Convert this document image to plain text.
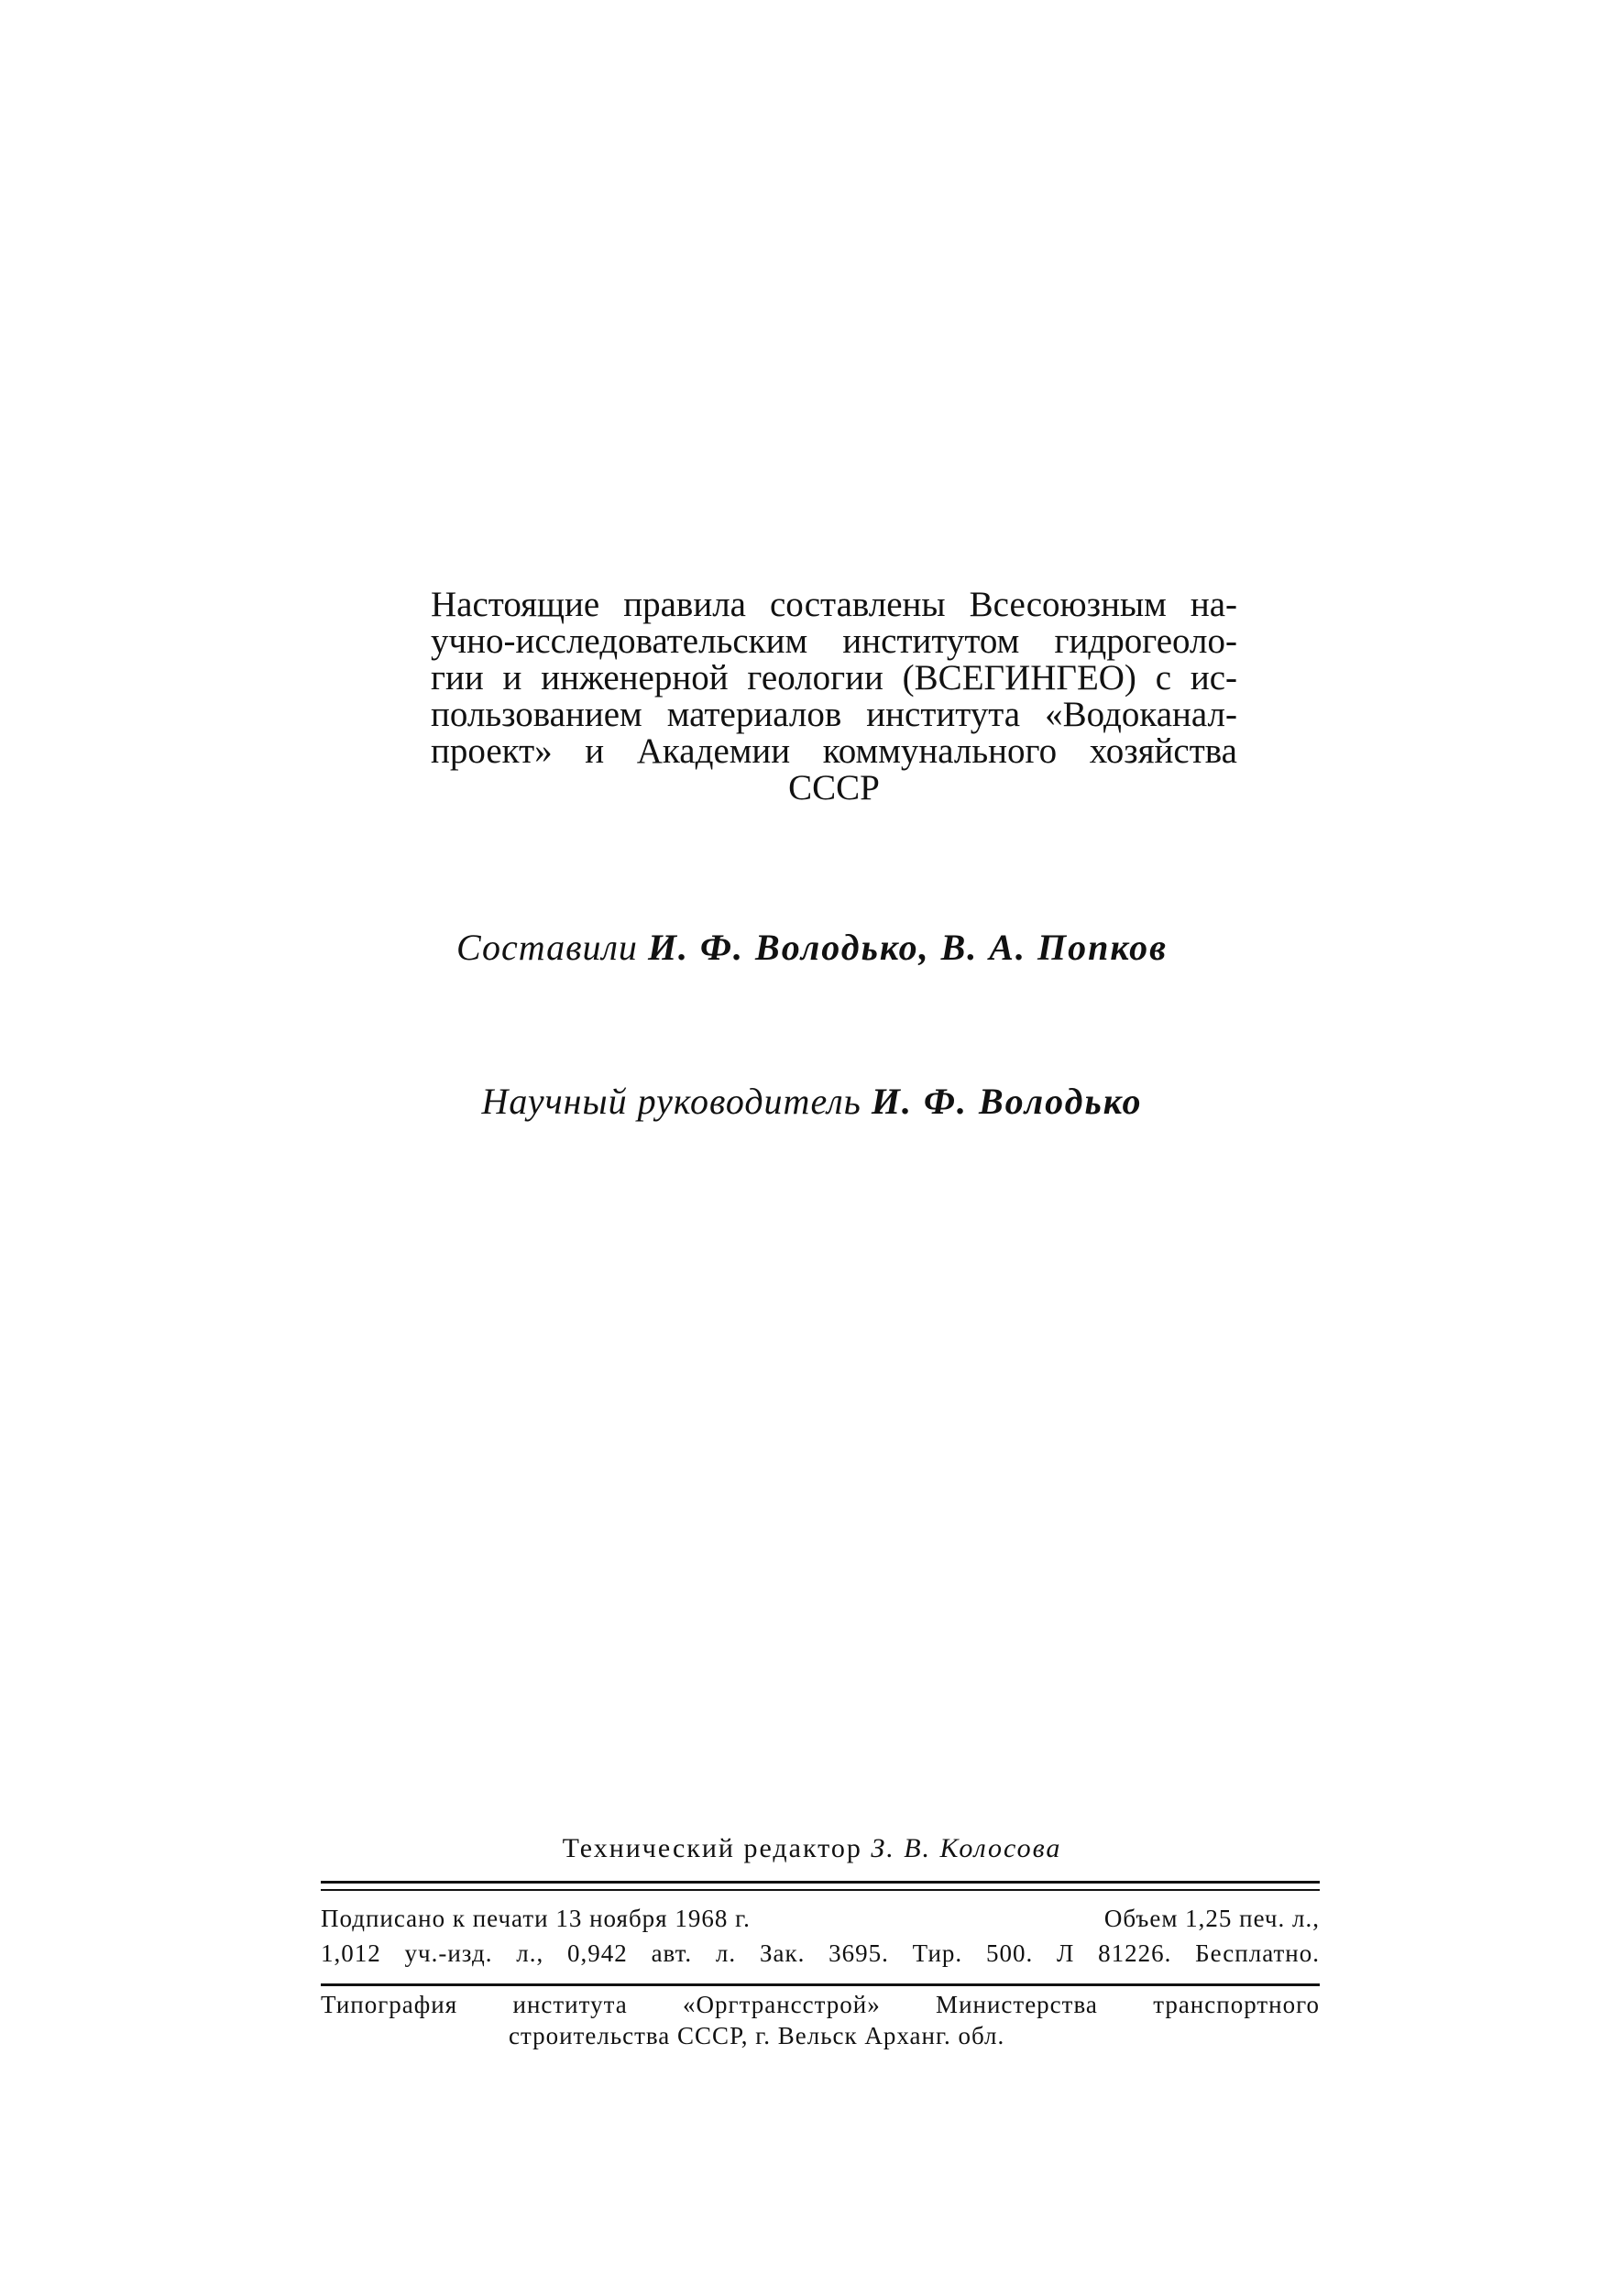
Настоящие правила составлены Всесоюзным на-
учно-исследовательским институтом гидрогеоло-
гии и инженерной геологии (ВСЕГИНГЕО) с ис-
пользованием материалов института «Водоканал-
проект» и Академии коммунального хозяйства
СССР
Составили И. Ф. Володько, В. А. Попков
Научный руководитель И. Ф. Володько
Технический редактор З. В. Колосова
Подписано к печати 13 ноября 1968 г.	Объем 1,25 печ. л.,
1,012 уч.-изд. л., 0,942 авт. л. Зак. 3695. Тир. 500. Л 81226. Бесплатно.
Типография института «Оргтрансстрой» Министерства транспортного
строительства СССР, г. Вельск Арханг. обл.
